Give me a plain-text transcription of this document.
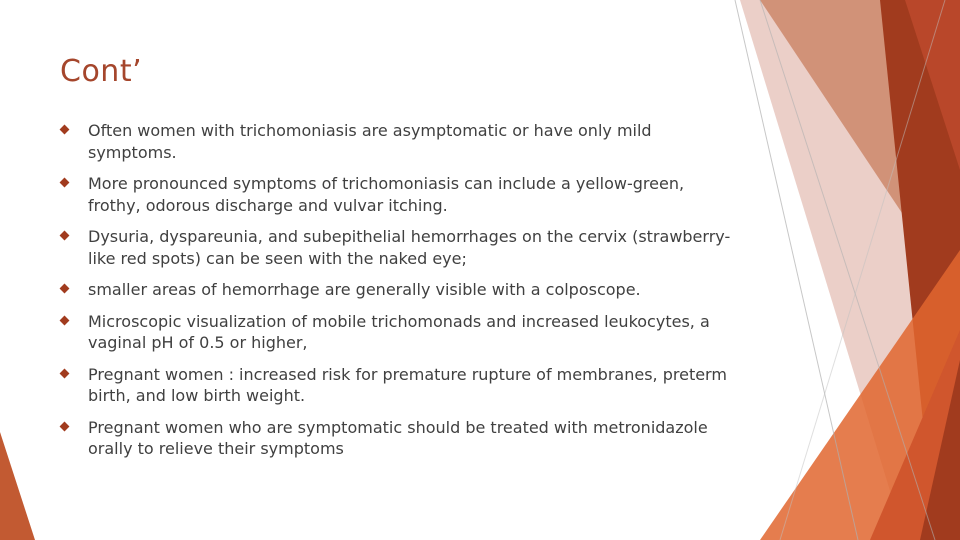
Cont’
Often women with trichomoniasis are asymptomatic or have only mild symptoms.
More pronounced symptoms of trichomoniasis can include a yellow-green, frothy, odorous discharge and vulvar itching.
Dysuria, dyspareunia, and subepithelial hemorrhages on the cervix (strawberry-like red spots) can be seen with the naked eye;
smaller areas of hemorrhage are generally visible with a colposcope.
Microscopic visualization of mobile trichomonads and increased leukocytes, a vaginal pH of 0.5 or higher,
Pregnant women : increased risk for premature rupture of membranes, preterm birth, and low birth weight.
Pregnant women who are symptomatic should be treated with metronidazole orally to relieve their symptoms
